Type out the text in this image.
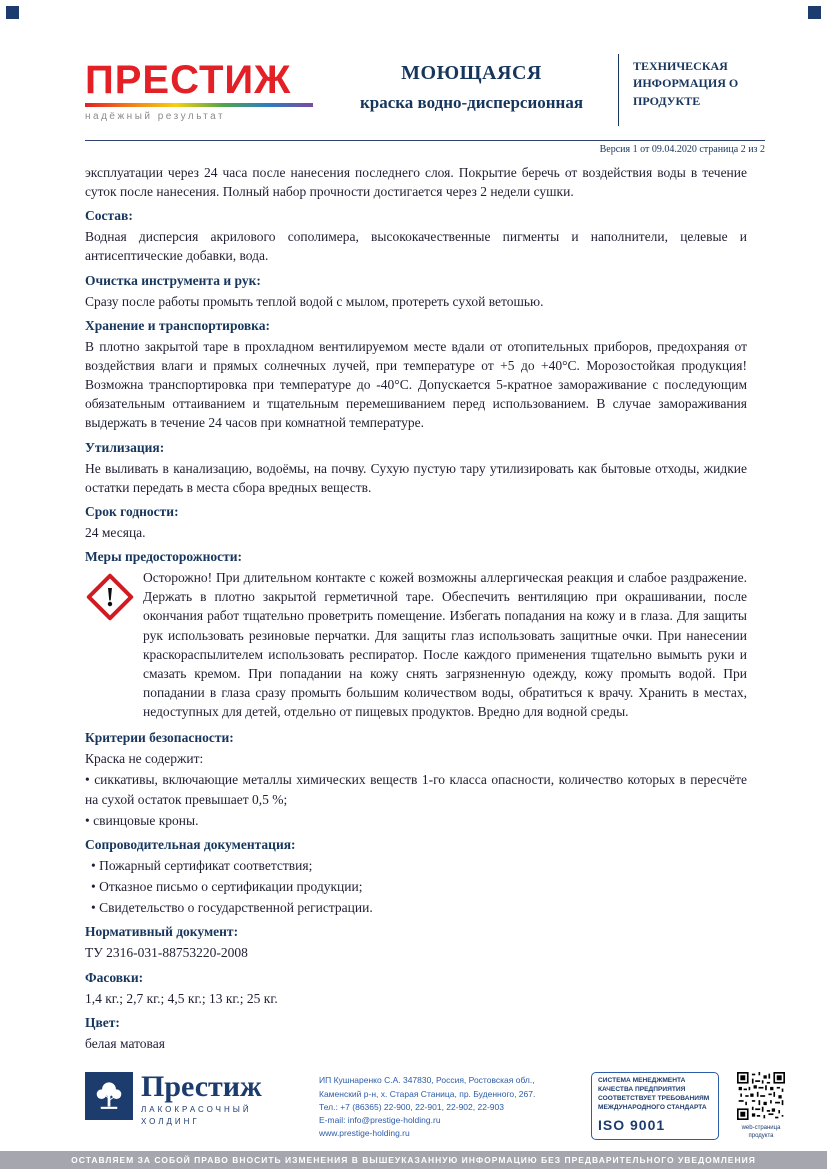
ПРЕСТИЖ
надёжный результат
МОЮЩАЯСЯ
краска водно-дисперсионная
ТЕХНИЧЕСКАЯ ИНФОРМАЦИЯ О ПРОДУКТЕ
Версия 1 от 09.04.2020 страница 2 из 2

эксплуатации через 24 часа после нанесения последнего слоя. Покрытие беречь от воздействия воды в течение суток после нанесения. Полный набор прочности достигается через 2 недели сушки.

Состав:

Водная дисперсия акрилового сополимера, высококачественные пигменты и наполнители, целевые и антисептические добавки, вода.

Очистка инструмента и рук:

Сразу после работы промыть теплой водой с мылом, протереть сухой ветошью.

Хранение и транспортировка:

В плотно закрытой таре в прохладном вентилируемом месте вдали от отопительных приборов, предохраняя от воздействия влаги и прямых солнечных лучей, при температуре от +5 до +40°С. Морозостойкая продукция! Возможна транспортировка при температуре до -40°С. Допускается 5-кратное замораживание с последующим обязательным оттаиванием и тщательным перемешиванием перед использованием. В случае замораживания выдержать в течение 24 часов при комнатной температуре.

Утилизация:

Не выливать в канализацию, водоёмы, на почву. Сухую пустую тару утилизировать как бытовые отходы, жидкие остатки передать в места сбора вредных веществ.

Срок годности:

24 месяца.

Меры предосторожности:
!

Осторожно! При длительном контакте с кожей возможны аллергическая реакция и слабое раздражение. Держать в плотно закрытой герметичной таре. Обеспечить вентиляцию при окрашивании, после окончания работ тщательно проветрить помещение. Избегать попадания на кожу и в глаза. Для защиты рук использовать резиновые перчатки. Для защиты глаз использовать защитные очки. При нанесении краскораспылителем использовать респиратор. После каждого применения тщательно вымыть руки и смазать кремом. При попадании на кожу снять загрязненную одежду, кожу промыть водой. При попадании в глаза сразу промыть большим количеством воды, обратиться к врачу. Хранить в местах, недоступных для детей, отдельно от пищевых продуктов. Вредно для водной среды.

Критерии безопасности:

Краска не содержит:

• сиккативы, включающие металлы химических веществ 1-го класса опасности, количество которых в пересчёте на сухой остаток превышает 0,5 %;

• свинцовые кроны.

Сопроводительная документация:

• Пожарный сертификат соответствия;

• Отказное письмо о сертификации продукции;

• Свидетельство о государственной регистрации.

Нормативный документ:

ТУ 2316-031-88753220-2008

Фасовки:

1,4 кг.; 2,7 кг.; 4,5 кг.; 13 кг.; 25 кг.

Цвет:

белая матовая

Престиж
ЛАКОКРАСОЧНЫЙ
ХОЛДИНГ
ИП Кушнаренко С.А. 347830, Россия, Ростовская обл.,
Каменский р-н, х. Старая Станица, пр. Буденного, 267.
Тел.: +7 (86365) 22-900, 22-901, 22-902, 22-903
E-mail: info@prestige-holding.ru
www.prestige-holding.ru
СИСТЕМА МЕНЕДЖМЕНТА
КАЧЕСТВА ПРЕДПРИЯТИЯ
СООТВЕТСТВУЕТ ТРЕБОВАНИЯМ
МЕЖДУНАРОДНОГО СТАНДАРТА
ISO 9001	web-страница
продукта
ОСТАВЛЯЕМ ЗА СОБОЙ ПРАВО ВНОСИТЬ ИЗМЕНЕНИЯ В ВЫШЕУКАЗАННУЮ ИНФОРМАЦИЮ БЕЗ ПРЕДВАРИТЕЛЬНОГО УВЕДОМЛЕНИЯ
